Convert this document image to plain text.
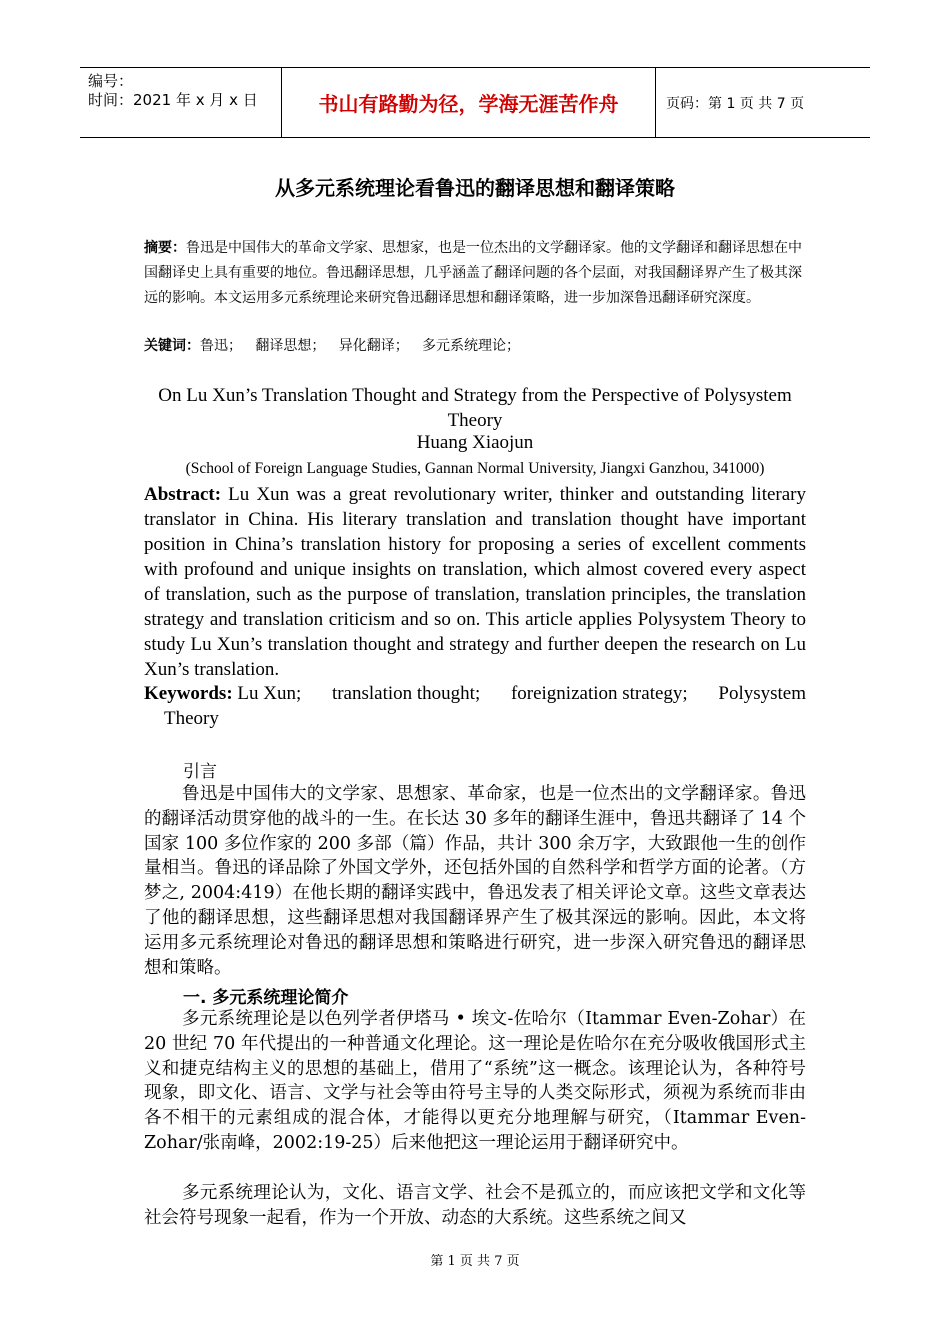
编号：
时间：2021 年 x 月 x 日	书山有路勤为径，学海无涯苦作舟	页码：第 1 页 共 7 页
从多元系统理论看鲁迅的翻译思想和翻译策略
摘要：鲁迅是中国伟大的革命文学家、思想家，也是一位杰出的文学翻译家。他的文学翻译和翻译思想在中国翻译史上具有重要的地位。鲁迅翻译思想，几乎涵盖了翻译问题的各个层面，对我国翻译界产生了极其深远的影响。本文运用多元系统理论来研究鲁迅翻译思想和翻译策略，进一步加深鲁迅翻译研究深度。
关键词：鲁迅；   翻译思想；   异化翻译；   多元系统理论；
On Lu Xun’s Translation Thought and Strategy from the Perspective of Polysystem Theory
Huang Xiaojun
(School of Foreign Language Studies, Gannan Normal University, Jiangxi Ganzhou, 341000)
Abstract: Lu Xun was a great revolutionary writer, thinker and outstanding literary translator in China. His literary translation and translation thought have important position in China’s translation history for proposing a series of excellent comments with profound and unique insights on translation, which almost covered every aspect of translation, such as the purpose of translation, translation principles, the translation strategy and translation criticism and so on. This article applies Polysystem Theory to study Lu Xun’s translation thought and strategy and further deepen the research on Lu Xun’s translation.
Keywords: Lu Xun; translation thought; foreignization strategy; Polysystem
Theory
引言
鲁迅是中国伟大的文学家、思想家、革命家，也是一位杰出的文学翻译家。鲁迅的翻译活动贯穿他的战斗的一生。在长达 30 多年的翻译生涯中，鲁迅共翻译了 14 个国家 100 多位作家的 200 多部（篇）作品，共计 300 余万字，大致跟他一生的创作量相当。鲁迅的译品除了外国文学外，还包括外国的自然科学和哲学方面的论著。（方梦之, 2004:419）在他长期的翻译实践中，鲁迅发表了相关评论文章。这些文章表达了他的翻译思想，这些翻译思想对我国翻译界产生了极其深远的影响。因此，本文将运用多元系统理论对鲁迅的翻译思想和策略进行研究，进一步深入研究鲁迅的翻译思想和策略。
一. 多元系统理论简介
多元系统理论是以色列学者伊塔马 • 埃文-佐哈尔（Itammar Even-Zohar）在 20 世纪 70 年代提出的一种普通文化理论。这一理论是佐哈尔在充分吸收俄国形式主义和捷克结构主义的思想的基础上，借用了“系统”这一概念。该理论认为，各种符号现象，即文化、语言、文学与社会等由符号主导的人类交际形式，须视为系统而非由各不相干的元素组成的混合体，才能得以更充分地理解与研究，（Itammar Even-Zohar/张南峰，2002:19-25）后来他把这一理论运用于翻译研究中。
多元系统理论认为，文化、语言文学、社会不是孤立的，而应该把文学和文化等社会符号现象一起看，作为一个开放、动态的大系统。这些系统之间又
第 1 页 共 7 页
